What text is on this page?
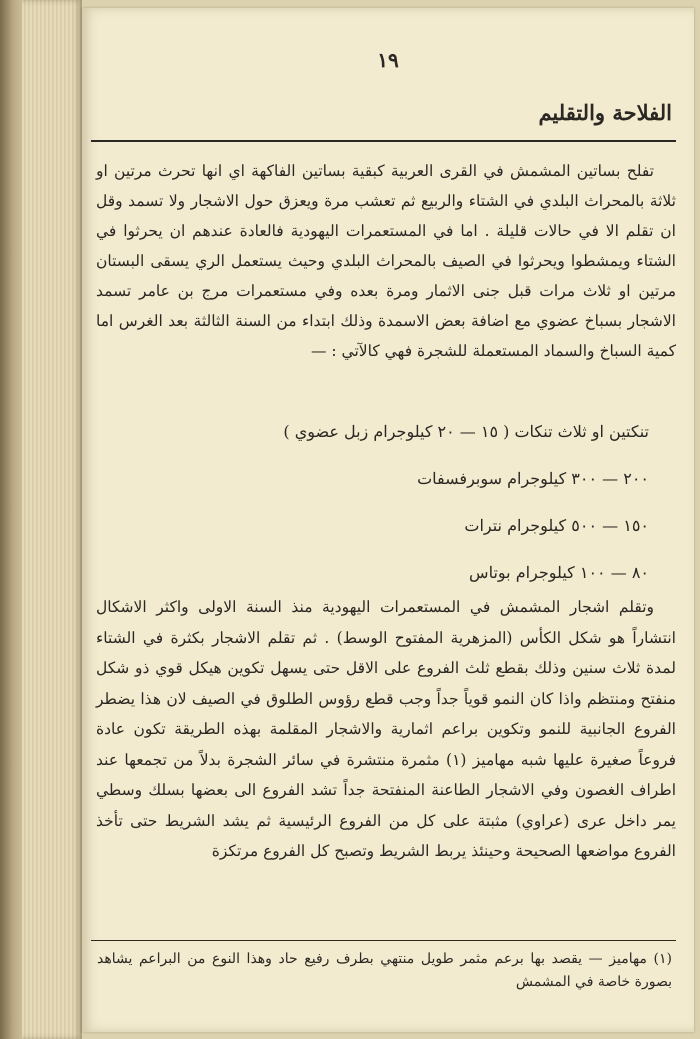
١٩
الفلاحة والتقليم

تفلح بساتين المشمش في القرى العربية كبقية بساتين الفاكهة اي انها تحرث مرتين او ثلاثة بالمحراث البلدي في الشتاء والربيع ثم تعشب مرة ويعزق حول الاشجار ولا تسمد وقل ان تقلم الا في حالات قليلة . اما في المستعمرات اليهودية فالعادة عندهم ان يحرثوا في الشتاء ويمشطوا ويحرثوا في الصيف بالمحراث البلدي وحيث يستعمل الري يسقى البستان مرتين او ثلاث مرات قبل جنى الاثمار ومرة بعده وفي مستعمرات مرج بن عامر تسمد الاشجار بسباخ عضوي مع اضافة بعض الاسمدة وذلك ابتداء من السنة الثالثة بعد الغرس اما كمية السباخ والسماد المستعملة للشجرة فهي كالآتي : —

تنكتين او ثلاث تنكات ( ١٥ — ٢٠ كيلوجرام زبل عضوي )
٢٠٠ — ٣٠٠ كيلوجرام سوبرفسفات
١٥٠ — ٥٠٠ كيلوجرام نترات
٨٠ — ١٠٠ كيلوجرام بوتاس

وتقلم اشجار المشمش في المستعمرات اليهودية منذ السنة الاولى واكثر الاشكال انتشاراً هو شكل الكأس (المزهرية المفتوح الوسط) . ثم تقلم الاشجار بكثرة في الشتاء لمدة ثلاث سنين وذلك بقطع ثلث الفروع على الاقل حتى يسهل تكوين هيكل قوي ذو شكل منفتح ومنتظم واذا كان النمو قوياً جداً وجب قطع رؤوس الطلوق في الصيف لان هذا يضطر الفروع الجانبية للنمو وتكوين براعم اثمارية والاشجار المقلمة بهذه الطريقة تكون عادة فروعاً صغيرة عليها شبه مهاميز (١) مثمرة منتشرة في سائر الشجرة بدلاً من تجمعها عند اطراف الغصون وفي الاشجار الطاعنة المنفتحة جداً تشد الفروع الى بعضها بسلك وسطي يمر داخل عرى (عراوي) مثبتة على كل من الفروع الرئيسية ثم يشد الشريط حتى تأخذ الفروع مواضعها الصحيحة وحينئذ يربط الشريط وتصبح كل الفروع مرتكزة

(١) مهاميز — يقصد بها برعم مثمر طويل منتهي بطرف رفيع حاد وهذا النوع من البراعم يشاهد بصورة خاصة في المشمش
